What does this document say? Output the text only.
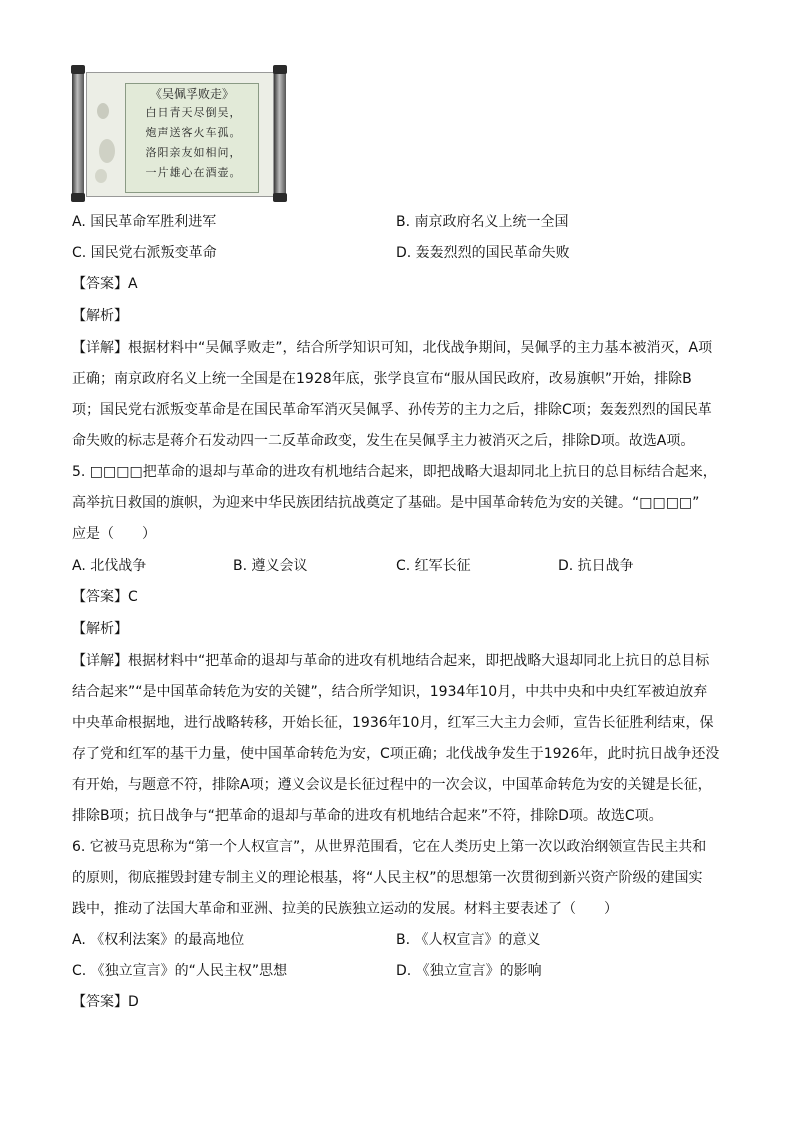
《吴佩孚败走》
白日青天尽倒吴，
炮声送客火车孤。
洛阳亲友如相问，
一片雄心在酒壶。
A. 国民革命军胜利进军	B. 南京政府名义上统一全国
C. 国民党右派叛变革命	D. 轰轰烈烈的国民革命失败
【答案】A
【解析】
【详解】根据材料中“吴佩孚败走”，结合所学知识可知，北伐战争期间，吴佩孚的主力基本被消灭，A项
正确；南京政府名义上统一全国是在1928年底，张学良宣布“服从国民政府，改易旗帜”开始，排除B
项；国民党右派叛变革命是在国民革命军消灭吴佩孚、孙传芳的主力之后，排除C项；轰轰烈烈的国民革
命失败的标志是蒋介石发动四一二反革命政变，发生在吴佩孚主力被消灭之后，排除D项。故选A项。
5. □□□□把革命的退却与革命的进攻有机地结合起来，即把战略大退却同北上抗日的总目标结合起来，
高举抗日救国的旗帜，为迎来中华民族团结抗战奠定了基础。是中国革命转危为安的关键。“□□□□”
应是（　　）
A. 北伐战争	B. 遵义会议	C. 红军长征	D. 抗日战争
【答案】C
【解析】
【详解】根据材料中“把革命的退却与革命的进攻有机地结合起来，即把战略大退却同北上抗日的总目标
结合起来”“是中国革命转危为安的关键”，结合所学知识，1934年10月，中共中央和中央红军被迫放弃
中央革命根据地，进行战略转移，开始长征，1936年10月，红军三大主力会师，宣告长征胜利结束，保
存了党和红军的基干力量，使中国革命转危为安，C项正确；北伐战争发生于1926年，此时抗日战争还没
有开始，与题意不符，排除A项；遵义会议是长征过程中的一次会议，中国革命转危为安的关键是长征，
排除B项；抗日战争与“把革命的退却与革命的进攻有机地结合起来”不符，排除D项。故选C项。
6. 它被马克思称为“第一个人权宣言”，从世界范围看，它在人类历史上第一次以政治纲领宣告民主共和
的原则，彻底摧毁封建专制主义的理论根基，将“人民主权”的思想第一次贯彻到新兴资产阶级的建国实
践中，推动了法国大革命和亚洲、拉美的民族独立运动的发展。材料主要表述了（　　）
A. 《权利法案》的最高地位	B. 《人权宣言》的意义
C. 《独立宣言》的“人民主权”思想	D. 《独立宣言》的影响
【答案】D
